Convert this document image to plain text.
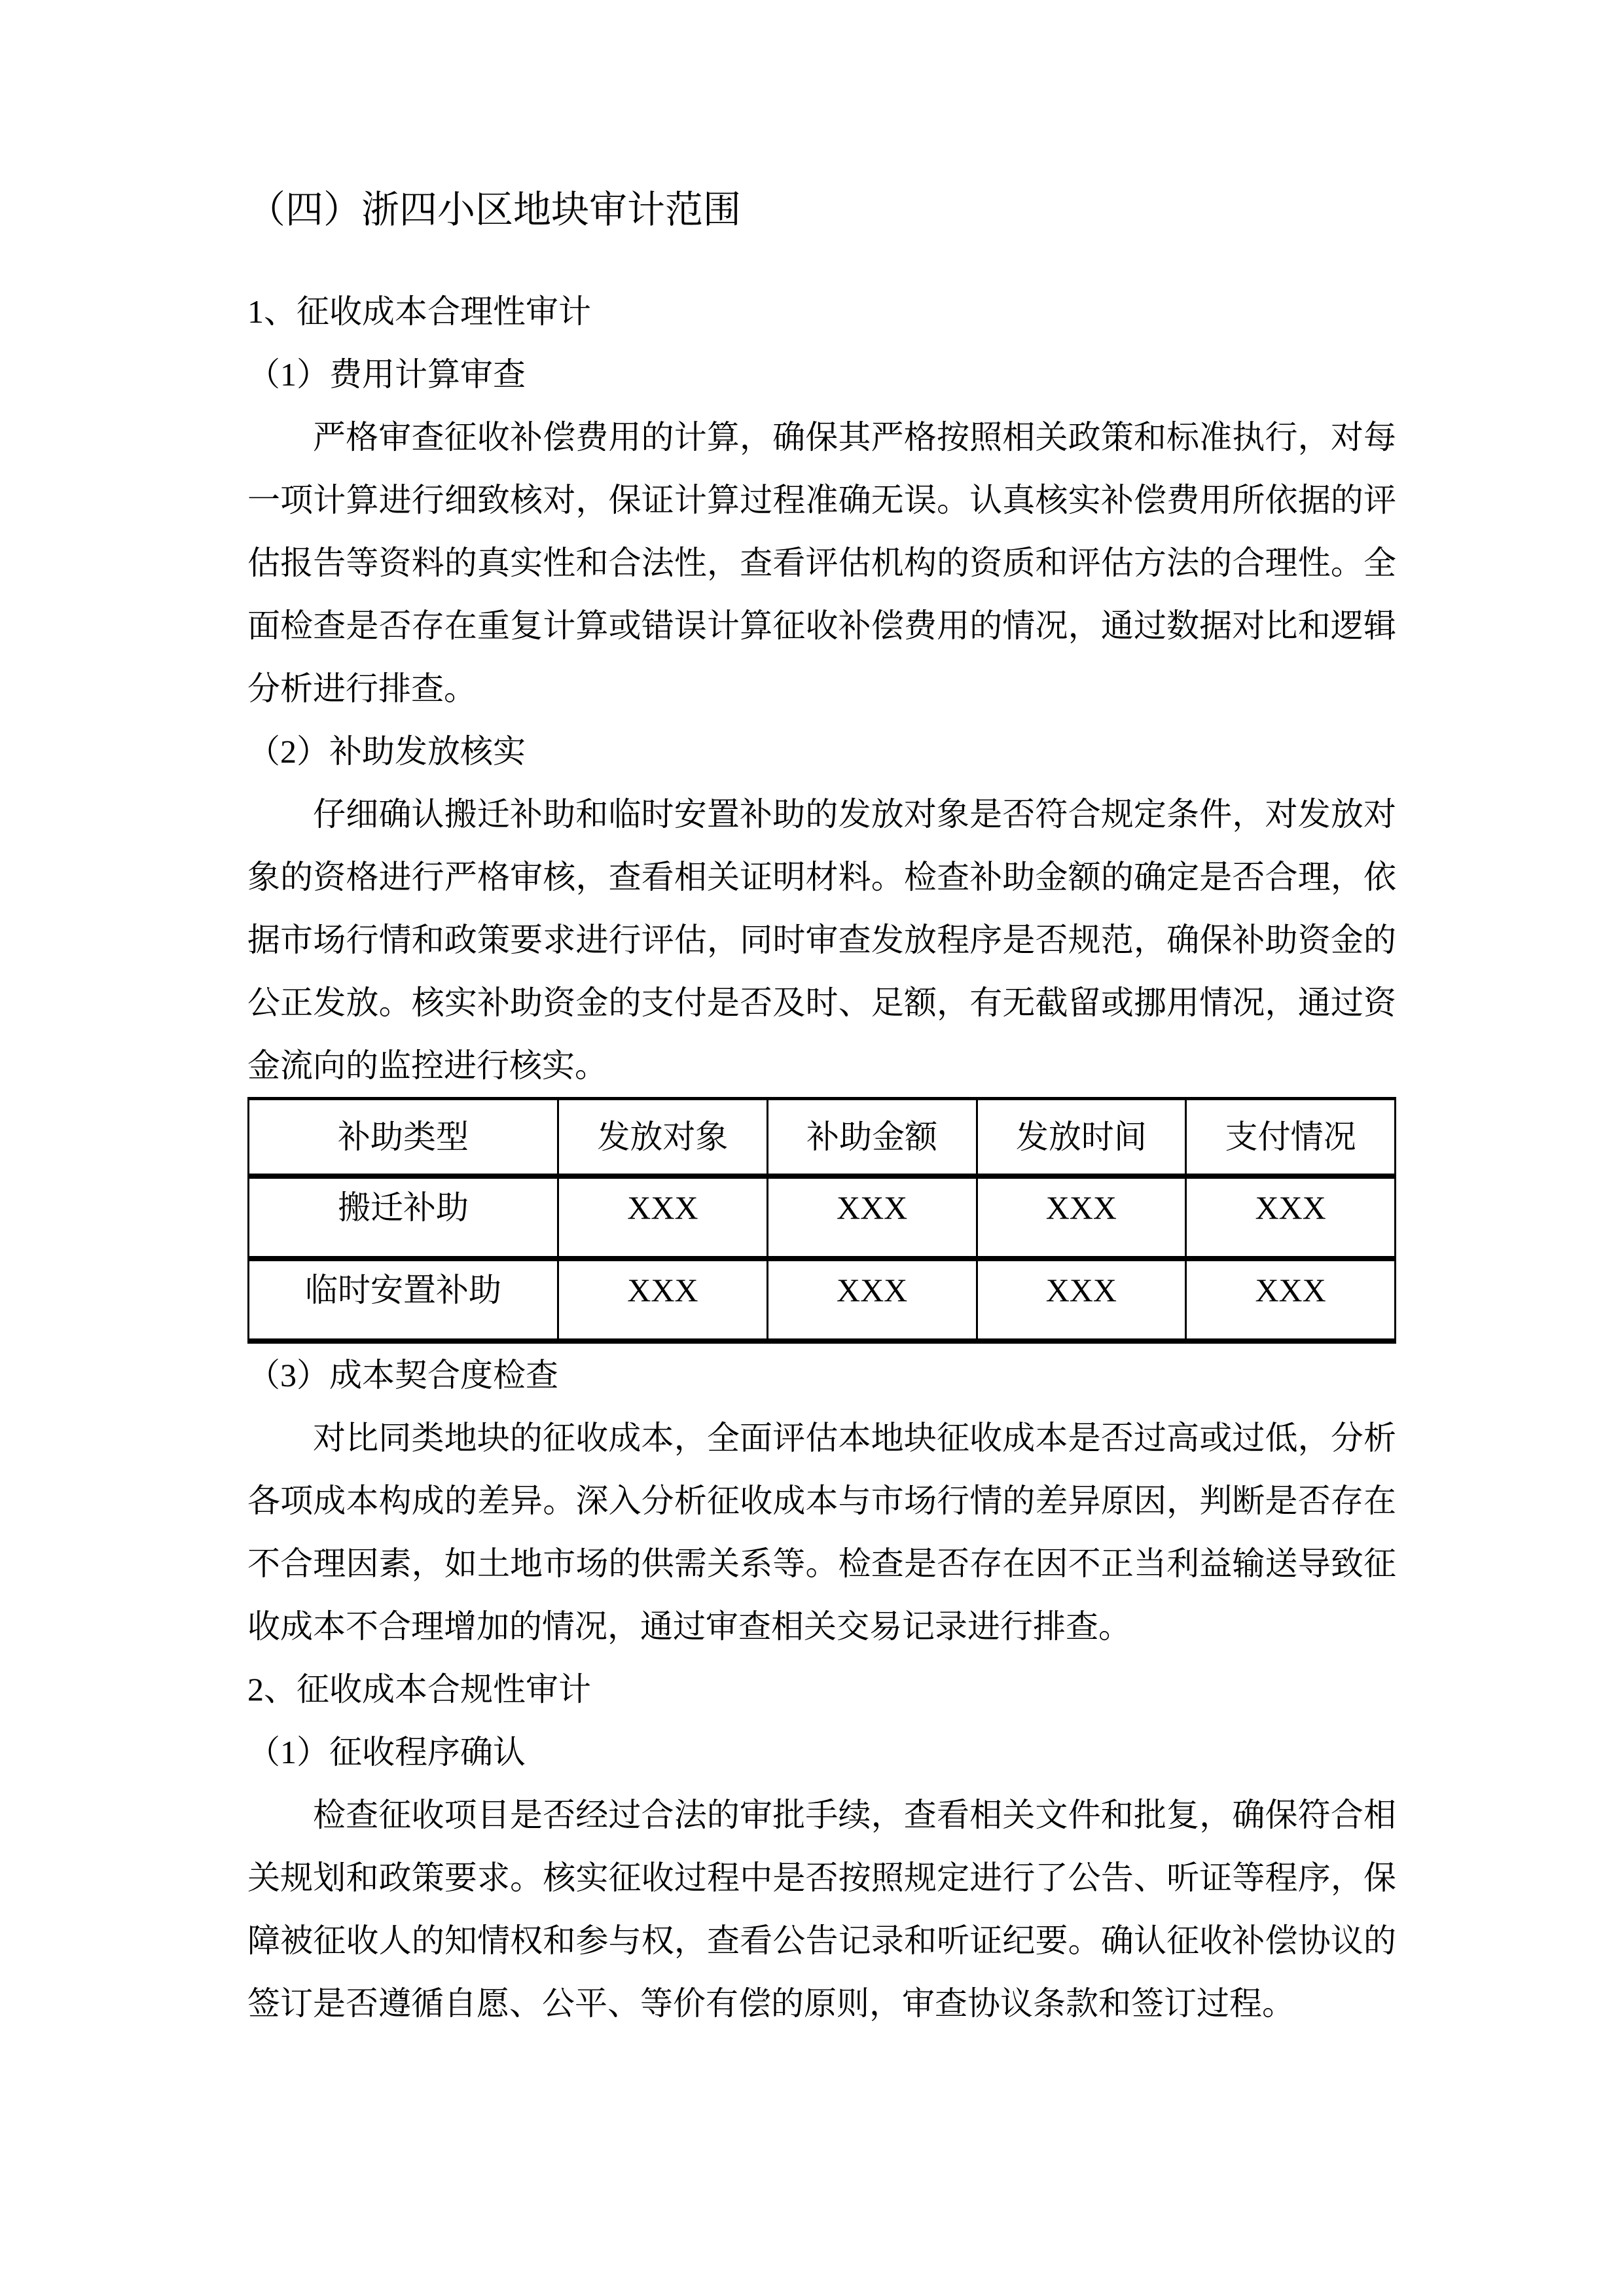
（四）浙四小区地块审计范围
1、征收成本合理性审计
（1）费用计算审查

严格审查征收补偿费用的计算，确保其严格按照相关政策和标准执行，对每一项计算进行细致核对，保证计算过程准确无误。认真核实补偿费用所依据的评估报告等资料的真实性和合法性，查看评估机构的资质和评估方法的合理性。全面检查是否存在重复计算或错误计算征收补偿费用的情况，通过数据对比和逻辑分析进行排查。

（2）补助发放核实

仔细确认搬迁补助和临时安置补助的发放对象是否符合规定条件，对发放对象的资格进行严格审核，查看相关证明材料。检查补助金额的确定是否合理，依据市场行情和政策要求进行评估，同时审查发放程序是否规范，确保补助资金的公正发放。核实补助资金的支付是否及时、足额，有无截留或挪用情况，通过资金流向的监控进行核实。

补助类型	发放对象	补助金额	发放时间	支付情况
搬迁补助	XXX	XXX	XXX	XXX
临时安置补助	XXX	XXX	XXX	XXX
（3）成本契合度检查

对比同类地块的征收成本，全面评估本地块征收成本是否过高或过低，分析各项成本构成的差异。深入分析征收成本与市场行情的差异原因，判断是否存在不合理因素，如土地市场的供需关系等。检查是否存在因不正当利益输送导致征收成本不合理增加的情况，通过审查相关交易记录进行排查。

2、征收成本合规性审计
（1）征收程序确认

检查征收项目是否经过合法的审批手续，查看相关文件和批复，确保符合相关规划和政策要求。核实征收过程中是否按照规定进行了公告、听证等程序，保障被征收人的知情权和参与权，查看公告记录和听证纪要。确认征收补偿协议的签订是否遵循自愿、公平、等价有偿的原则，审查协议条款和签订过程。
